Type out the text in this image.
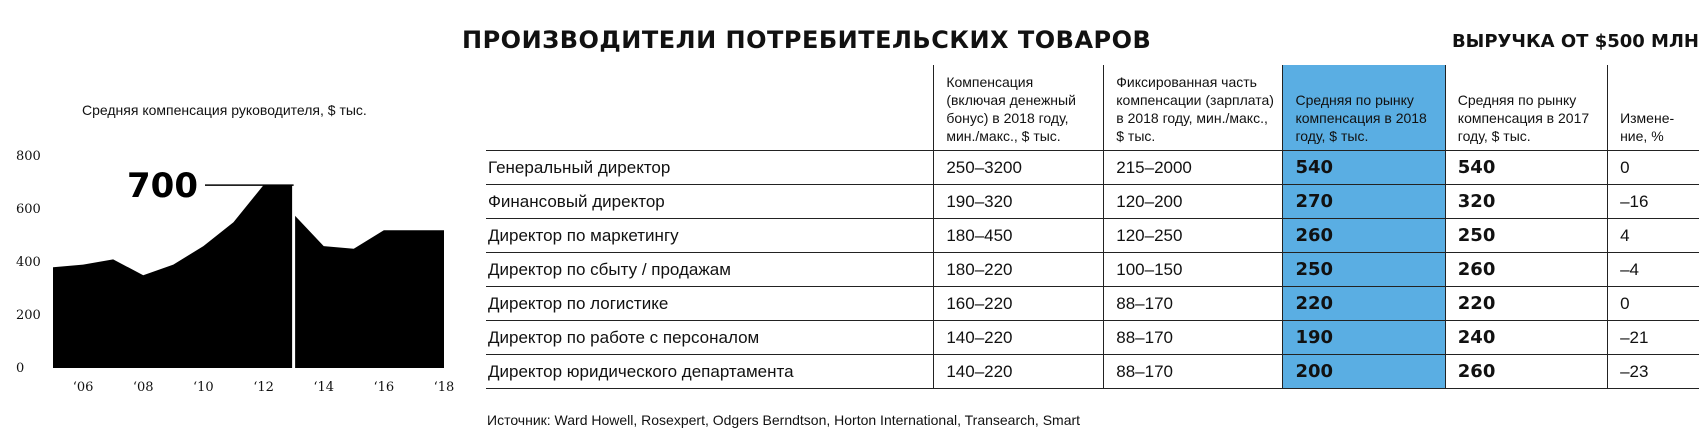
ПРОИЗВОДИТЕЛИ ПОТРЕБИТЕЛЬСКИХ ТОВАРОВ	ВЫРУЧКА ОТ $500 МЛН
Средняя компенсация руководителя, $ тыс.
700
0
200
400
600
800
‘06	‘08	‘10	‘12	‘14	‘16	‘18
	Компенсация (включая денежный бонус) в 2018 году, мин./макс., $ тыс.	Фиксированная часть компенсации (зарплата) в 2018 году, мин./макс., $ тыс.	Средняя по рынку компенсация в 2018 году, $ тыс.	Средняя по рынку компенсация в 2017 году, $ тыс.	Измене-ние, %
Генеральный директор	250–3200	215–2000	540	540	0
Финансовый директор	190–320	120–200	270	320	–16
Директор по маркетингу	180–450	120–250	260	250	4
Директор по сбыту / продажам	180–220	100–150	250	260	–4
Директор по логистике	160–220	88–170	220	220	0
Директор по работе с персоналом	140–220	88–170	190	240	–21
Директор юридического департамента	140–220	88–170	200	260	–23
Источник: Ward Howell, Rosexpert, Odgers Berndtson, Horton International, Transearch, Smart
